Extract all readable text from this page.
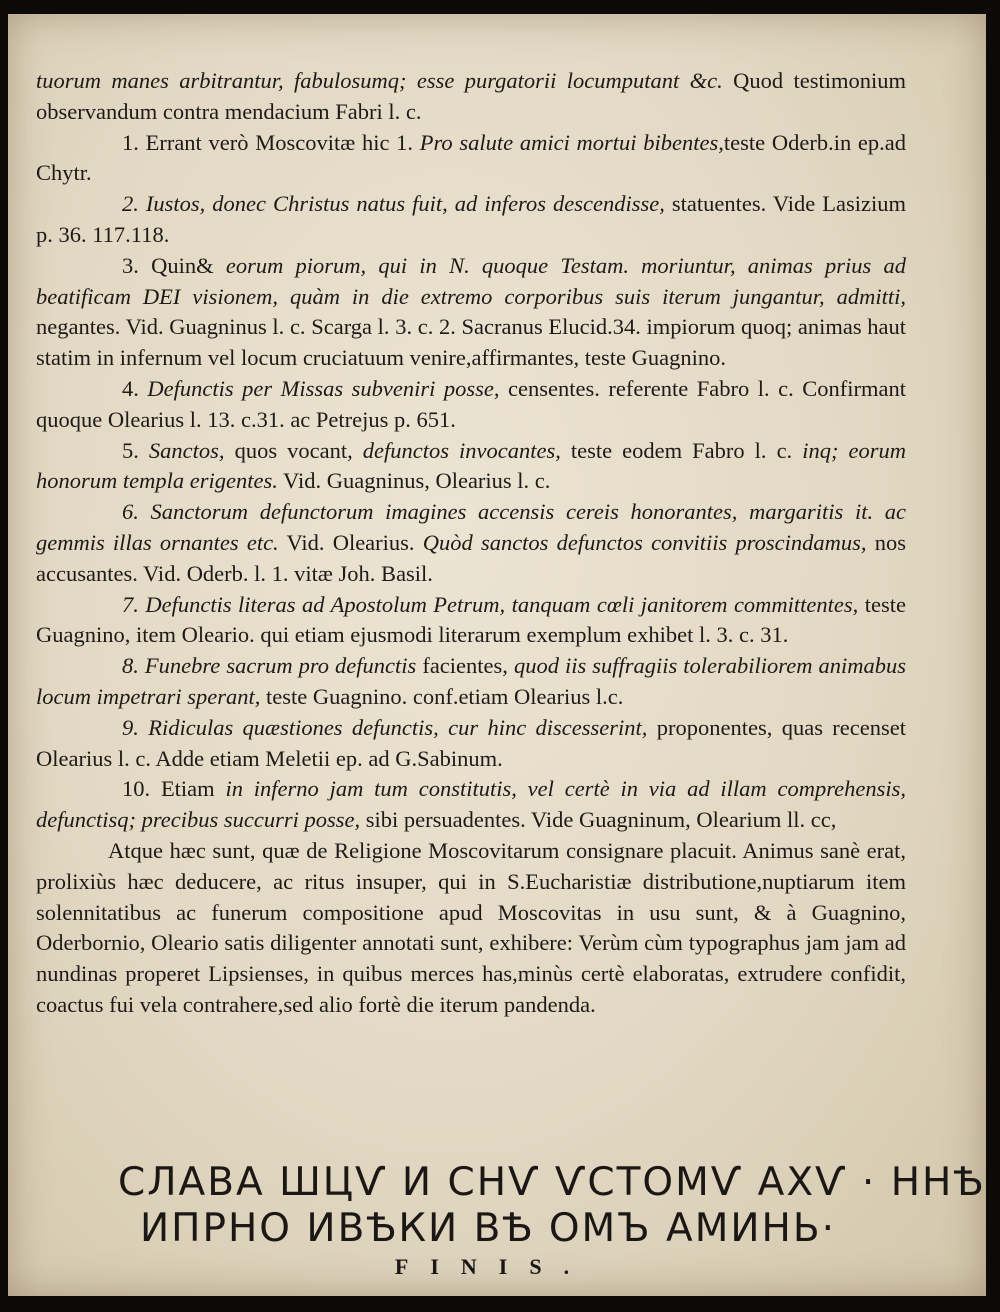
tuorum manes arbitrantur, fabulosumq; esse purgatorii locumputant &c. Quod testimonium observandum contra mendacium Fabri l. c.

1. Errant verò Moscovitæ hic 1. Pro salute amici mortui bibentes,teste Oderb.in ep.ad Chytr.

2. Iustos, donec Christus natus fuit, ad inferos descendisse, statuentes. Vide Lasizium p. 36. 117.118.

3. Quin& eorum piorum, qui in N. quoque Testam. moriuntur, animas prius ad beatificam DEI visionem, quàm in die extremo corporibus suis iterum jungantur, admitti, negantes. Vid. Guagninus l. c. Scarga l. 3. c. 2. Sacranus Elucid.34. impiorum quoq; animas haut statim in infernum vel locum cruciatuum venire,affirmantes, teste Guagnino.

4. Defunctis per Missas subveniri posse, censentes. referente Fabro l. c. Confirmant quoque Olearius l. 13. c.31. ac Petrejus p. 651.

5. Sanctos, quos vocant, defunctos invocantes, teste eodem Fabro l. c. inq; eorum honorum templa erigentes. Vid. Guagninus, Olearius l. c.

6. Sanctorum defunctorum imagines accensis cereis honorantes, margaritis it. ac gemmis illas ornantes etc. Vid. Olearius. Quòd sanctos defunctos convitiis proscindamus, nos accusantes. Vid. Oderb. l. 1. vitæ Joh. Basil.

7. Defunctis literas ad Apostolum Petrum, tanquam cœli janitorem committentes, teste Guagnino, item Oleario. qui etiam ejusmodi literarum exemplum exhibet l. 3. c. 31.

8. Funebre sacrum pro defunctis facientes, quod iis suffragiis tolerabiliorem animabus locum impetrari sperant, teste Guagnino. conf.etiam Olearius l.c.

9. Ridiculas quæstiones defunctis, cur hinc discesserint, proponentes, quas recenset Olearius l. c. Adde etiam Meletii ep. ad G.Sabinum.

10. Etiam in inferno jam tum constitutis, vel certè in via ad illam comprehensis, defunctisq; precibus succurri posse, sibi persuadentes. Vide Guagninum, Olearium ll. cc,

Atque hæc sunt, quæ de Religione Moscovitarum consignare placuit. Animus sanè erat, prolixiùs hæc deducere, ac ritus insuper, qui in S.Eucharistiæ distributione,nuptiarum item solennitatibus ac funerum compositione apud Moscovitas in usu sunt, & à Guagnino, Oderbornio, Oleario satis diligenter annotati sunt, exhibere: Verùm cùm typographus jam jam ad nundinas properet Lipsienses, in quibus merces has,minùs certè elaboratas, extrudere confidit, coactus fui vela contrahere,sed alio fortè die iterum pandenda.

СЛАВА ШЦѴ И СНѴ ѴСТОМѴ АХѴ · ННѢ
ИПРНО ИВѢКИ ВѢ ОМЪ АМИНЬ·
FINIS.
